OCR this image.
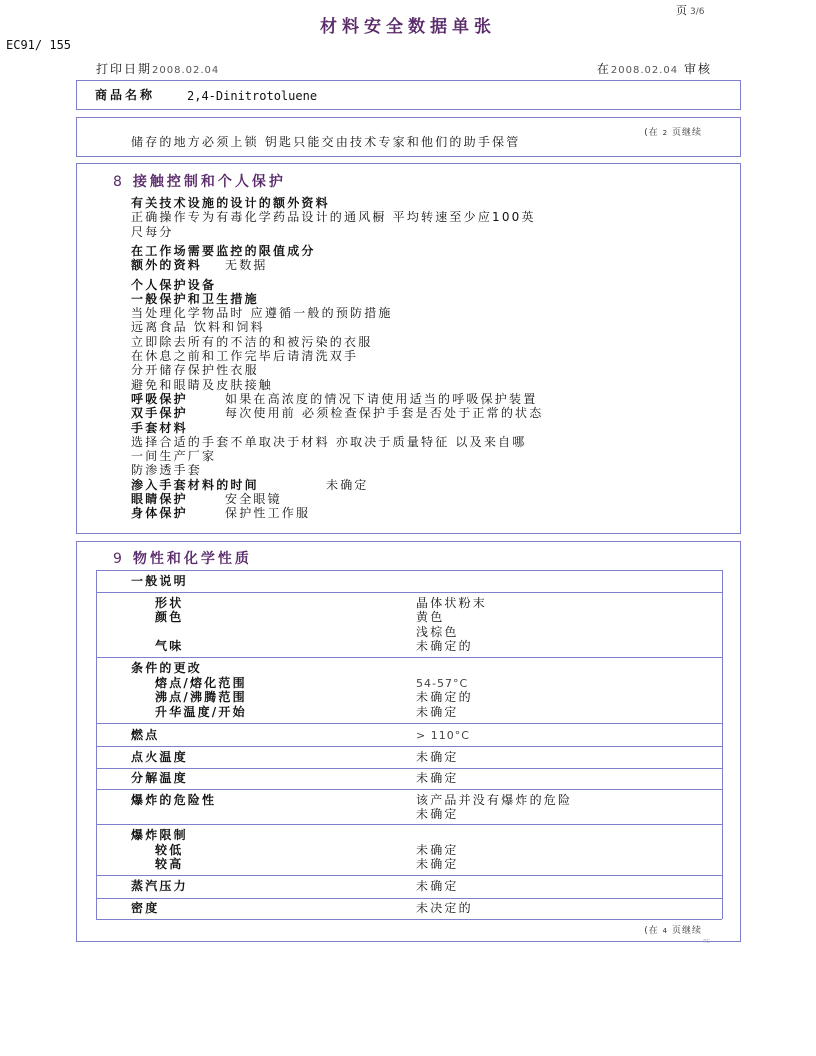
材料安全数据单张
页 3/6
EC91/ 155
打印日期2008.02.04	在2008.02.04 审核
商品名称	2,4-Dinitrotoluene
(在 2 页继续
储存的地方必须上锁 钥匙只能交由技术专家和他们的助手保管
8 接触控制和个人保护
有关技术设施的设计的额外资料
正确操作专为有毒化学药品设计的通风橱 平均转速至少应100英
尺每分
在工作场需要监控的限值成分
额外的资料 无数据
个人保护设备
一般保护和卫生措施
当处理化学物品时 应遵循一般的预防措施
远离食品 饮料和饲料
立即除去所有的不洁的和被污染的衣服
在休息之前和工作完毕后请清洗双手
分开储存保护性衣服
避免和眼睛及皮肤接触
呼吸保护	如果在高浓度的情况下请使用适当的呼吸保护装置
双手保护	每次使用前 必须检查保护手套是否处于正常的状态
手套材料
选择合适的手套不单取决于材料 亦取决于质量特征 以及来自哪
一间生产厂家
防渗透手套
渗入手套材料的时间	未确定
眼睛保护	安全眼镜
身体保护	保护性工作服
9 物性和化学性质
一般说明
形状	晶体状粉末
颜色	黄色
浅棕色
气味	未确定的
条件的更改
熔点/熔化范围	54-57°C
沸点/沸腾范围	未确定的
升华温度/开始	未确定
燃点	> 110°C
点火温度	未确定
分解温度	未确定
爆炸的危险性	该产品并没有爆炸的危险
未确定
爆炸限制
较低	未确定
较高	未确定
蒸汽压力	未确定
密度	未决定的
(在 4 页继续
RC
